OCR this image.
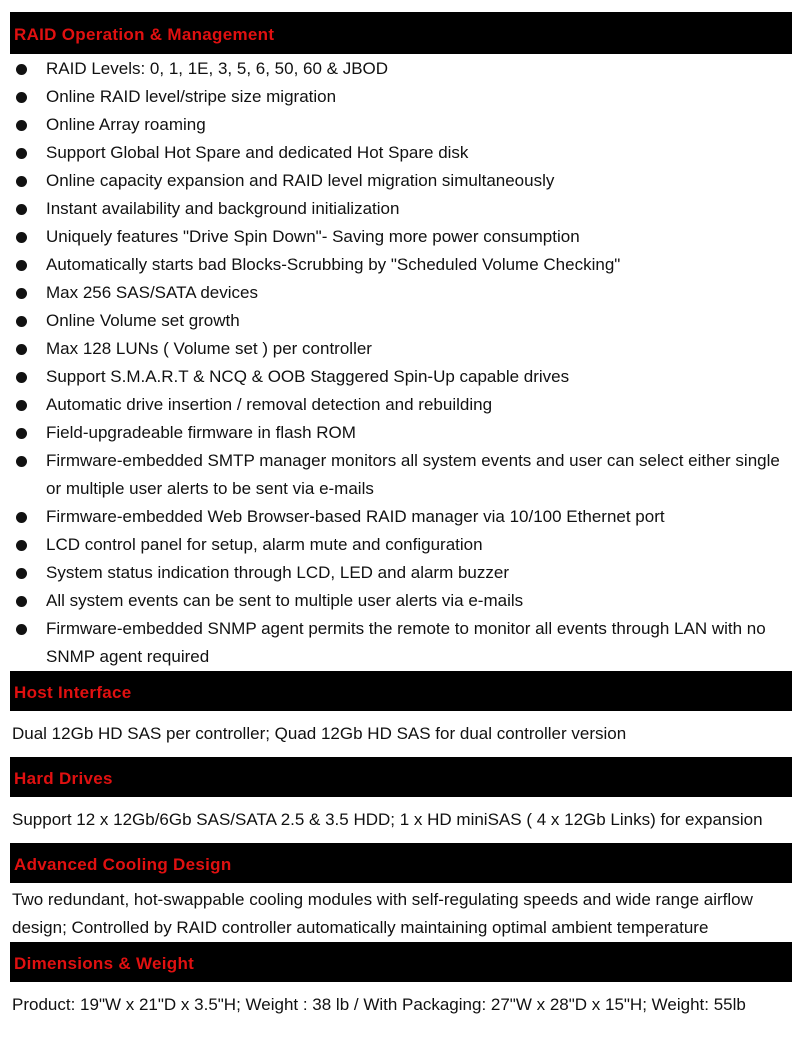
RAID Operation & Management
RAID Levels: 0, 1, 1E, 3, 5, 6, 50, 60 & JBOD
Online RAID level/stripe size migration
Online Array roaming
Support Global Hot Spare and dedicated Hot Spare disk
Online capacity expansion and RAID level migration simultaneously
Instant availability and background initialization
Uniquely features "Drive Spin Down"- Saving more power consumption
Automatically starts bad Blocks-Scrubbing by "Scheduled Volume Checking"
Max 256 SAS/SATA devices
Online Volume set growth
Max 128 LUNs ( Volume set ) per controller
Support S.M.A.R.T & NCQ & OOB Staggered Spin-Up capable drives
Automatic drive insertion / removal detection and rebuilding
Field-upgradeable firmware in flash ROM
Firmware-embedded SMTP manager monitors all system events and user can select either single or multiple user alerts to be sent via e-mails
Firmware-embedded Web Browser-based RAID manager via 10/100 Ethernet port
LCD control panel for setup, alarm mute and configuration
System status indication through LCD, LED and alarm buzzer
All system events can be sent to multiple user alerts via e-mails
Firmware-embedded SNMP agent permits the remote to monitor all events through LAN with no SNMP agent required
Host Interface
Dual 12Gb HD SAS per controller; Quad 12Gb HD SAS for dual controller version
Hard Drives
Support 12 x 12Gb/6Gb SAS/SATA 2.5 & 3.5 HDD; 1 x HD miniSAS ( 4 x 12Gb Links) for expansion
Advanced Cooling Design
Two redundant, hot-swappable cooling modules with self-regulating speeds and wide range airflow design; Controlled by RAID controller automatically maintaining optimal ambient temperature
Dimensions & Weight
Product: 19"W x 21"D x 3.5"H; Weight : 38 lb / With Packaging: 27"W x 28"D x 15"H; Weight: 55lb
